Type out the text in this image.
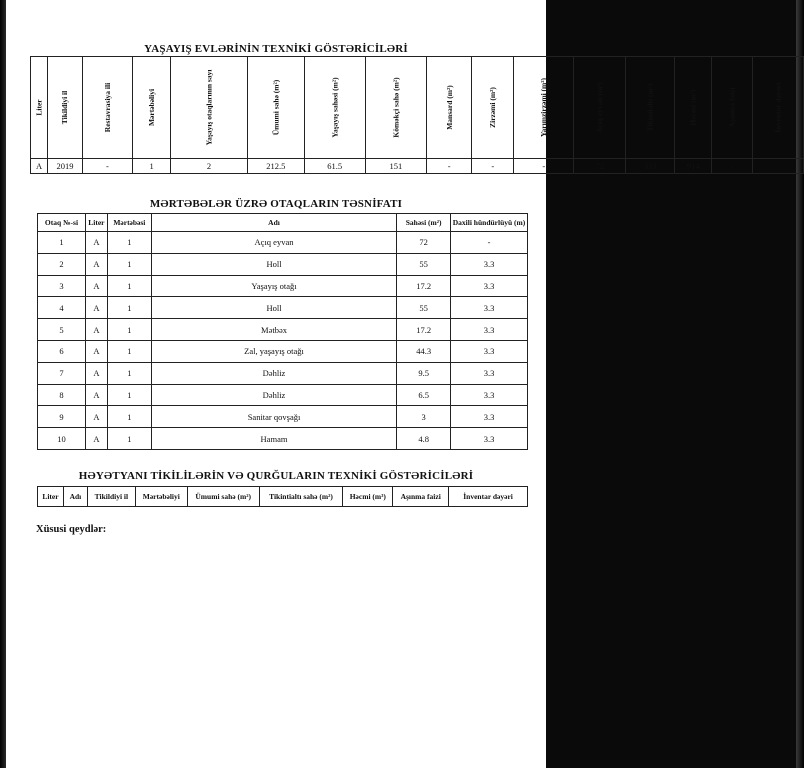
YAŞAYIŞ EVLƏRİNİN TEXNİKİ GÖSTƏRİCİLƏRİ
Liter	Tikildiyi il	Restavrasiya ili	Mərtəbəliyi	Yaşayış otaqlarının sayı	Ümumi sahə (m²)	Yaşayış sahəsi (m²)	Köməkçi sahə (m²)	Mansard (m²)	Zirzəmi (m²)	Yarımzirzəmi (m²)	Açıq eyvan (m²)	Tikintialtı (m²)	Həcmi (m³)	Aşınma faizi	İnventar dəyəri
A	2019	-	1	2	212.5	61.5	151	-	-	-	72	333	914	-	-
MƏRTƏBƏLƏR ÜZRƏ OTAQLARIN TƏSNİFATI
Otaq №-si	Liter	Mərtəbəsi	Adı	Sahəsi (m²)	Daxili hündürlüyü (m)
1	A	1	Açıq eyvan	72	-
2	A	1	Holl	55	3.3
3	A	1	Yaşayış otağı	17.2	3.3
4	A	1	Holl	55	3.3
5	A	1	Mətbəx	17.2	3.3
6	A	1	Zal, yaşayış otağı	44.3	3.3
7	A	1	Dəhliz	9.5	3.3
8	A	1	Dəhliz	6.5	3.3
9	A	1	Sanitar qovşağı	3	3.3
10	A	1	Hamam	4.8	3.3
HƏYƏTYANI TİKİLİLƏRİN VƏ QURĞULARIN TEXNİKİ GÖSTƏRİCİLƏRİ
Liter	Adı	Tikildiyi il	Mərtəbəliyi	Ümumi sahə (m²)	Tikintialtı sahə (m²)	Həcmi (m³)	Aşınma faizi	İnventar dəyəri

Xüsusi qeydlər:
